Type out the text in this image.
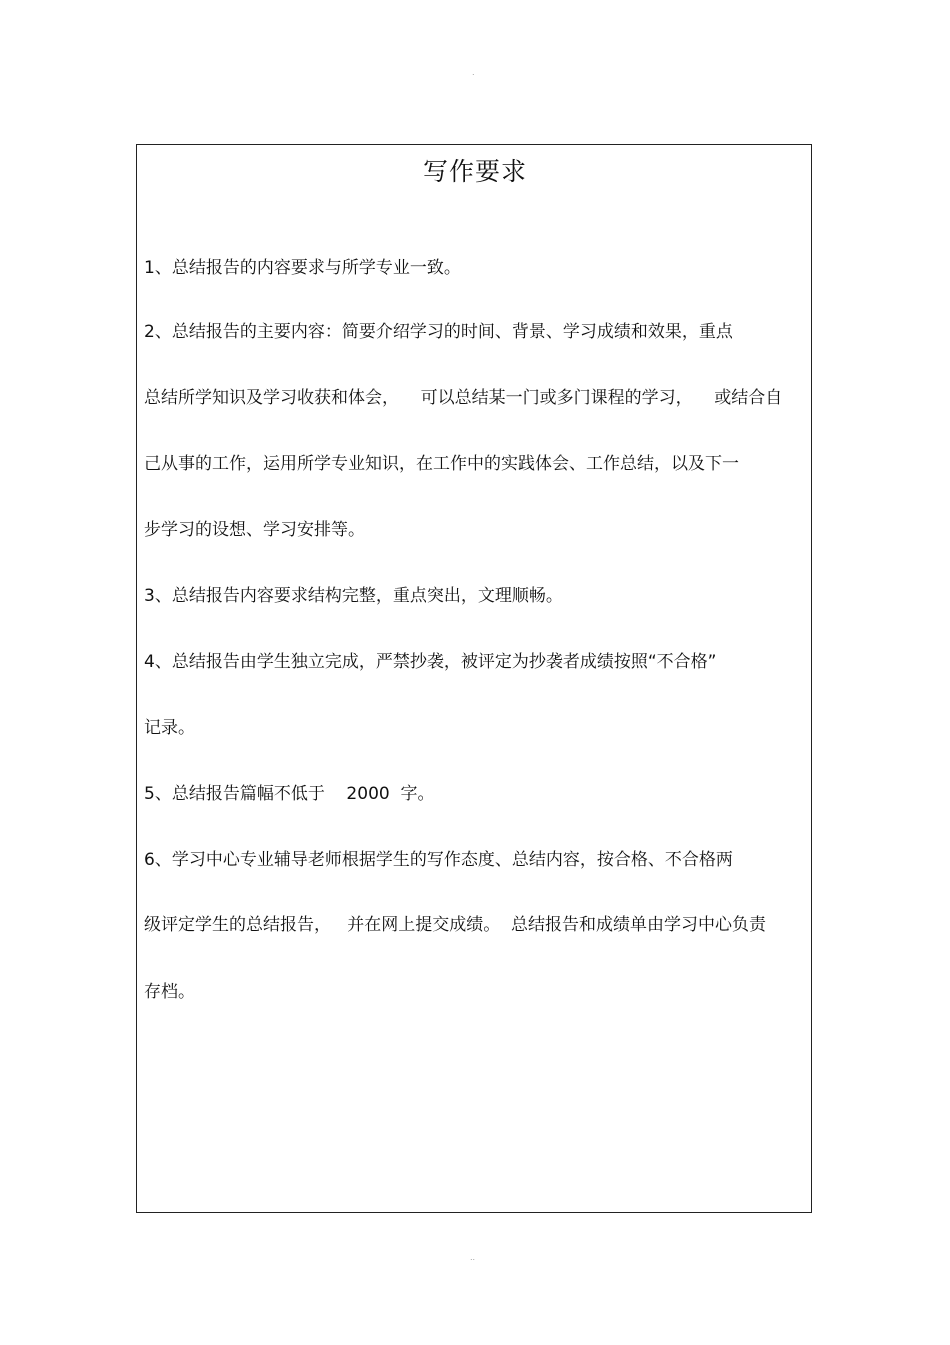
.
写作要求
1、总结报告的内容要求与所学专业一致。
2、总结报告的主要内容：简要介绍学习的时间、背景、学习成绩和效果，重点
总结所学知识及学习收获和体会，    可以总结某一门或多门课程的学习，    或结合自
己从事的工作，运用所学专业知识，在工作中的实践体会、工作总结，以及下一
步学习的设想、学习安排等。
3、总结报告内容要求结构完整，重点突出，文理顺畅。
4、总结报告由学生独立完成，严禁抄袭，被评定为抄袭者成绩按照“不合格”
记录。
5、总结报告篇幅不低于    2000  字。
6、学习中心专业辅导老师根据学生的写作态度、总结内容，按合格、不合格两
级评定学生的总结报告，   并在网上提交成绩。  总结报告和成绩单由学习中心负责
存档。
..
